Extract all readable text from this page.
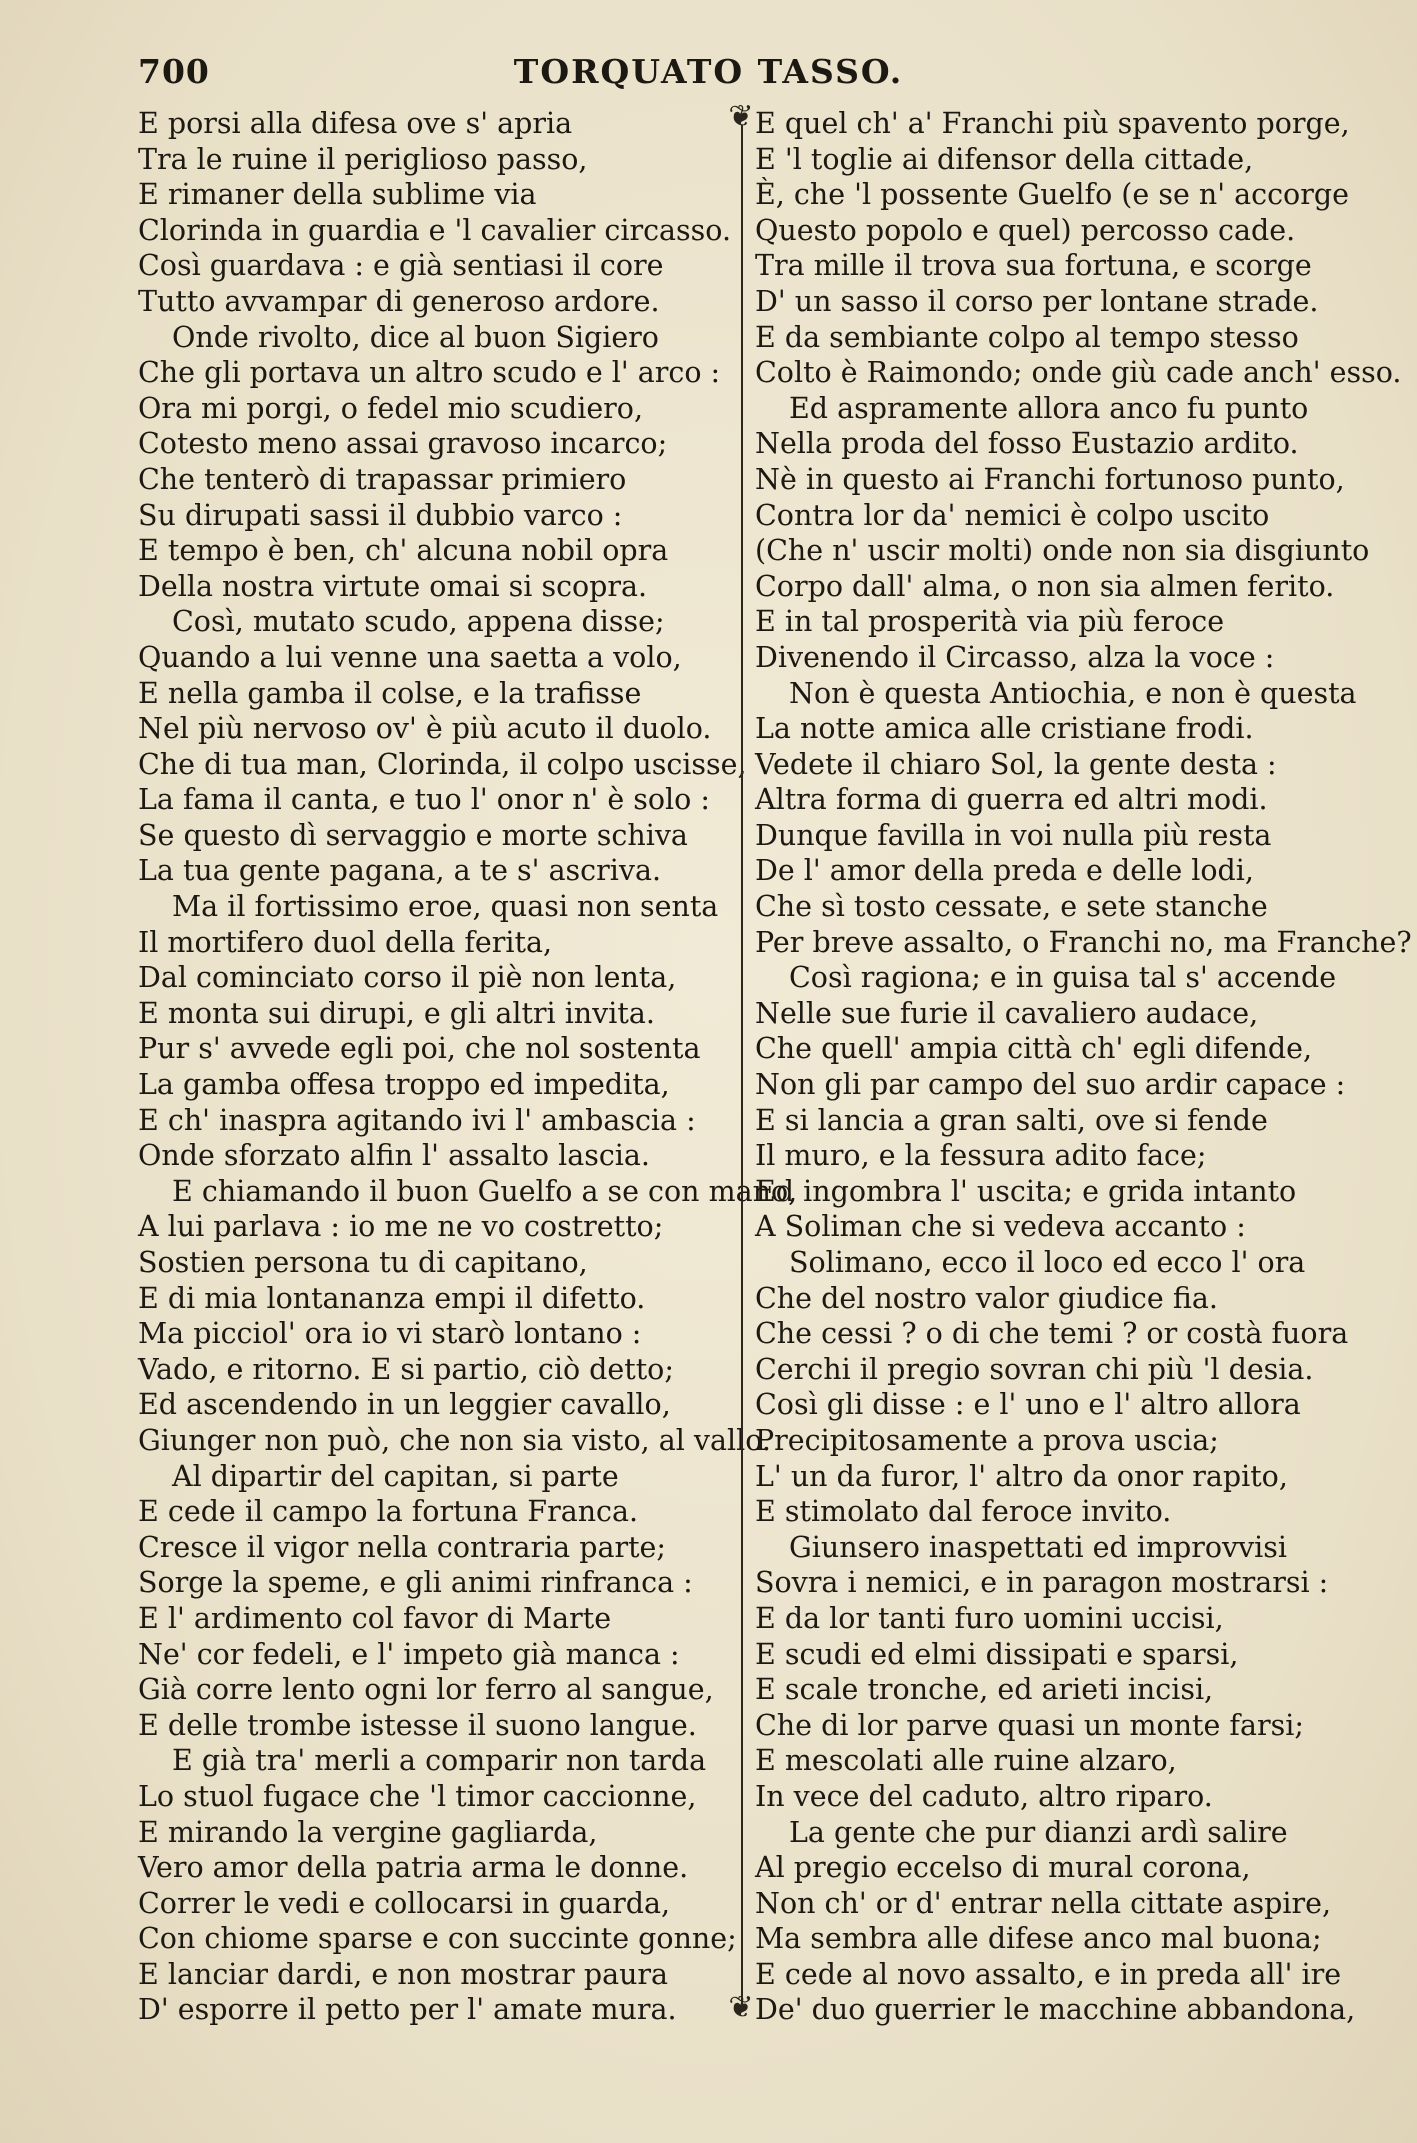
700	TORQUATO TASSO.
E porsi alla difesa ove s' apria
Tra le ruine il periglioso passo,
E rimaner della sublime via
Clorinda in guardia e 'l cavalier circasso.
Così guardava : e già sentiasi il core
Tutto avvampar di generoso ardore.
Onde rivolto, dice al buon Sigiero
Che gli portava un altro scudo e l' arco :
Ora mi porgi, o fedel mio scudiero,
Cotesto meno assai gravoso incarco;
Che tenterò di trapassar primiero
Su dirupati sassi il dubbio varco :
E tempo è ben, ch' alcuna nobil opra
Della nostra virtute omai si scopra.
Così, mutato scudo, appena disse;
Quando a lui venne una saetta a volo,
E nella gamba il colse, e la trafisse
Nel più nervoso ov' è più acuto il duolo.
Che di tua man, Clorinda, il colpo uscisse,
La fama il canta, e tuo l' onor n' è solo :
Se questo dì servaggio e morte schiva
La tua gente pagana, a te s' ascriva.
Ma il fortissimo eroe, quasi non senta
Il mortifero duol della ferita,
Dal cominciato corso il piè non lenta,
E monta sui dirupi, e gli altri invita.
Pur s' avvede egli poi, che nol sostenta
La gamba offesa troppo ed impedita,
E ch' inaspra agitando ivi l' ambascia :
Onde sforzato alfin l' assalto lascia.
E chiamando il buon Guelfo a se con mano,
A lui parlava : io me ne vo costretto;
Sostien persona tu di capitano,
E di mia lontananza empi il difetto.
Ma picciol' ora io vi starò lontano :
Vado, e ritorno. E si partio, ciò detto;
Ed ascendendo in un leggier cavallo,
Giunger non può, che non sia visto, al vallo.
Al dipartir del capitan, si parte
E cede il campo la fortuna Franca.
Cresce il vigor nella contraria parte;
Sorge la speme, e gli animi rinfranca :
E l' ardimento col favor di Marte
Ne' cor fedeli, e l' impeto già manca :
Già corre lento ogni lor ferro al sangue,
E delle trombe istesse il suono langue.
E già tra' merli a comparir non tarda
Lo stuol fugace che 'l timor caccionne,
E mirando la vergine gagliarda,
Vero amor della patria arma le donne.
Correr le vedi e collocarsi in guarda,
Con chiome sparse e con succinte gonne;
E lanciar dardi, e non mostrar paura
D' esporre il petto per l' amate mura.
❦
❦
E quel ch' a' Franchi più spavento porge,
E 'l toglie ai difensor della cittade,
È, che 'l possente Guelfo (e se n' accorge
Questo popolo e quel) percosso cade.
Tra mille il trova sua fortuna, e scorge
D' un sasso il corso per lontane strade.
E da sembiante colpo al tempo stesso
Colto è Raimondo; onde giù cade anch' esso.
Ed aspramente allora anco fu punto
Nella proda del fosso Eustazio ardito.
Nè in questo ai Franchi fortunoso punto,
Contra lor da' nemici è colpo uscito
(Che n' uscir molti) onde non sia disgiunto
Corpo dall' alma, o non sia almen ferito.
E in tal prosperità via più feroce
Divenendo il Circasso, alza la voce :
Non è questa Antiochia, e non è questa
La notte amica alle cristiane frodi.
Vedete il chiaro Sol, la gente desta :
Altra forma di guerra ed altri modi.
Dunque favilla in voi nulla più resta
De l' amor della preda e delle lodi,
Che sì tosto cessate, e sete stanche
Per breve assalto, o Franchi no, ma Franche?
Così ragiona; e in guisa tal s' accende
Nelle sue furie il cavaliero audace,
Che quell' ampia città ch' egli difende,
Non gli par campo del suo ardir capace :
E si lancia a gran salti, ove si fende
Il muro, e la fessura adito face;
Ed ingombra l' uscita; e grida intanto
A Soliman che si vedeva accanto :
Solimano, ecco il loco ed ecco l' ora
Che del nostro valor giudice fia.
Che cessi ? o di che temi ? or costà fuora
Cerchi il pregio sovran chi più 'l desia.
Così gli disse : e l' uno e l' altro allora
Precipitosamente a prova uscia;
L' un da furor, l' altro da onor rapito,
E stimolato dal feroce invito.
Giunsero inaspettati ed improvvisi
Sovra i nemici, e in paragon mostrarsi :
E da lor tanti furo uomini uccisi,
E scudi ed elmi dissipati e sparsi,
E scale tronche, ed arieti incisi,
Che di lor parve quasi un monte farsi;
E mescolati alle ruine alzaro,
In vece del caduto, altro riparo.
La gente che pur dianzi ardì salire
Al pregio eccelso di mural corona,
Non ch' or d' entrar nella cittate aspire,
Ma sembra alle difese anco mal buona;
E cede al novo assalto, e in preda all' ire
De' duo guerrier le macchine abbandona,
